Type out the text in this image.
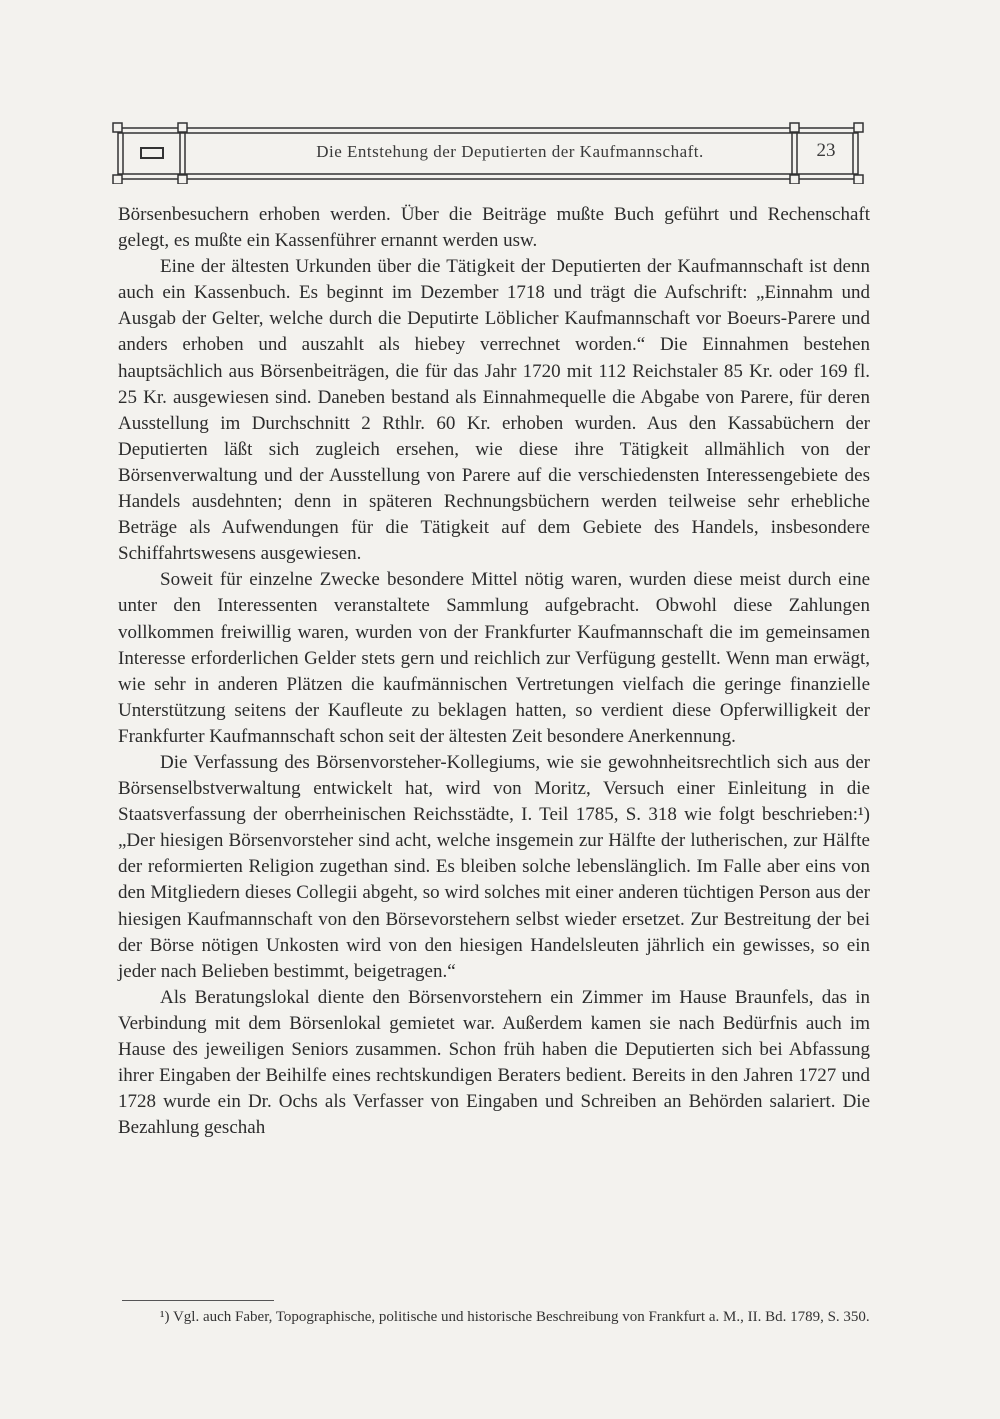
Die Entstehung der Deputierten der Kaufmannschaft.	23

Börsenbesuchern erhoben werden. Über die Beiträge mußte Buch geführt und Rechenschaft gelegt, es mußte ein Kassenführer ernannt werden usw.

Eine der ältesten Urkunden über die Tätigkeit der Deputierten der Kaufmannschaft ist denn auch ein Kassenbuch. Es beginnt im Dezember 1718 und trägt die Aufschrift: „Einnahm und Ausgab der Gelter, welche durch die Deputirte Löblicher Kaufmannschaft vor Boeurs-Parere und anders erhoben und auszahlt als hiebey verrechnet worden.“ Die Einnahmen bestehen hauptsächlich aus Börsenbeiträgen, die für das Jahr 1720 mit 112 Reichstaler 85 Kr. oder 169 fl. 25 Kr. ausgewiesen sind. Daneben bestand als Einnahmequelle die Abgabe von Parere, für deren Ausstellung im Durchschnitt 2 Rthlr. 60 Kr. erhoben wurden. Aus den Kassabüchern der Deputierten läßt sich zugleich ersehen, wie diese ihre Tätigkeit allmählich von der Börsenverwaltung und der Ausstellung von Parere auf die verschiedensten Interessengebiete des Handels ausdehnten; denn in späteren Rechnungsbüchern werden teilweise sehr erhebliche Beträge als Aufwendungen für die Tätigkeit auf dem Gebiete des Handels, insbesondere Schiffahrtswesens ausgewiesen.

Soweit für einzelne Zwecke besondere Mittel nötig waren, wurden diese meist durch eine unter den Interessenten veranstaltete Sammlung aufgebracht. Obwohl diese Zahlungen vollkommen freiwillig waren, wurden von der Frankfurter Kaufmannschaft die im gemeinsamen Interesse erforderlichen Gelder stets gern und reichlich zur Verfügung gestellt. Wenn man erwägt, wie sehr in anderen Plätzen die kaufmännischen Vertretungen vielfach die geringe finanzielle Unterstützung seitens der Kaufleute zu beklagen hatten, so verdient diese Opferwilligkeit der Frankfurter Kaufmannschaft schon seit der ältesten Zeit besondere Anerkennung.

Die Verfassung des Börsenvorsteher-Kollegiums, wie sie gewohnheitsrechtlich sich aus der Börsenselbstverwaltung entwickelt hat, wird von Moritz, Versuch einer Einleitung in die Staatsverfassung der oberrheinischen Reichsstädte, I. Teil 1785, S. 318 wie folgt beschrieben:¹) „Der hiesigen Börsenvorsteher sind acht, welche insgemein zur Hälfte der lutherischen, zur Hälfte der reformierten Religion zugethan sind. Es bleiben solche lebenslänglich. Im Falle aber eins von den Mitgliedern dieses Collegii abgeht, so wird solches mit einer anderen tüchtigen Person aus der hiesigen Kaufmannschaft von den Börsevorstehern selbst wieder ersetzet. Zur Bestreitung der bei der Börse nötigen Unkosten wird von den hiesigen Handelsleuten jährlich ein gewisses, so ein jeder nach Belieben bestimmt, beigetragen.“

Als Beratungslokal diente den Börsenvorstehern ein Zimmer im Hause Braunfels, das in Verbindung mit dem Börsenlokal gemietet war. Außerdem kamen sie nach Bedürfnis auch im Hause des jeweiligen Seniors zusammen. Schon früh haben die Deputierten sich bei Abfassung ihrer Eingaben der Beihilfe eines rechtskundigen Beraters bedient. Bereits in den Jahren 1727 und 1728 wurde ein Dr. Ochs als Verfasser von Eingaben und Schreiben an Behörden salariert. Die Bezahlung geschah

¹) Vgl. auch Faber, Topographische, politische und historische Beschreibung von Frankfurt a. M., II. Bd. 1789, S. 350.
